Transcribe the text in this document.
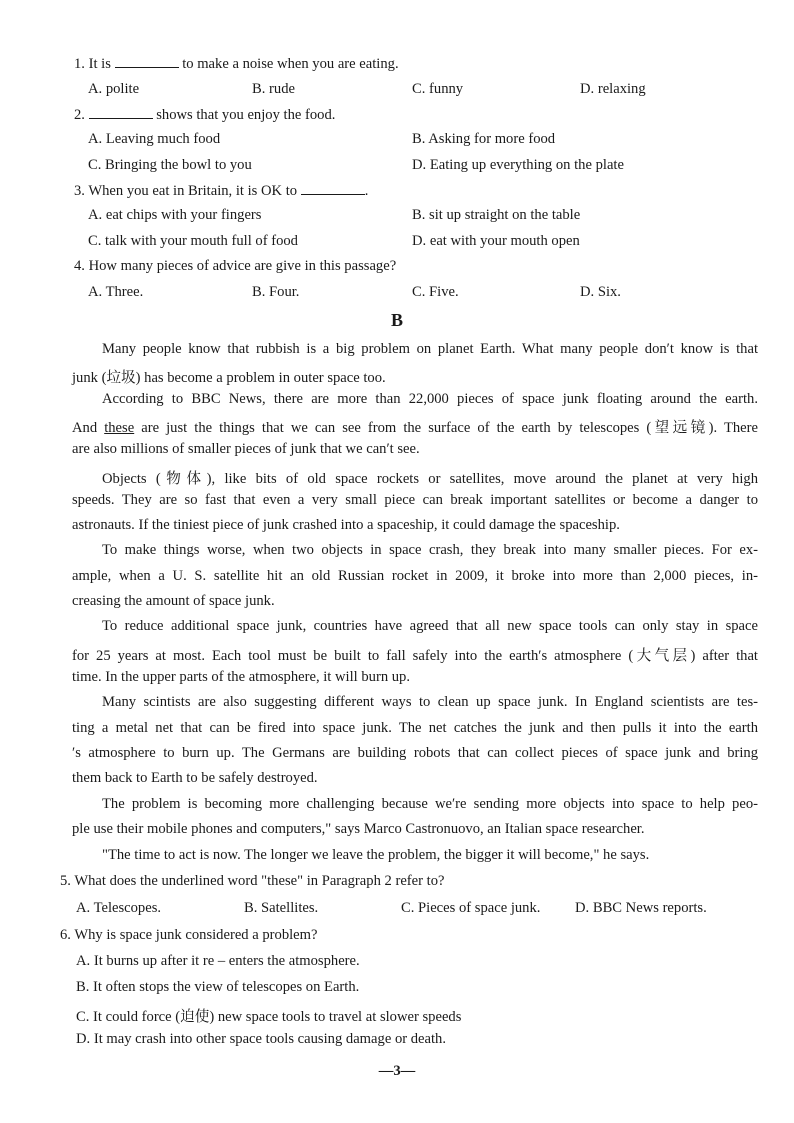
1. It is	to make a noise when you are eating.
A. polite	B. rude	C. funny	D. relaxing
2.	shows that you enjoy the food.
A. Leaving much food	B. Asking for more food
C. Bringing the bowl to you	D. Eating up everything on the plate
3. When you eat in Britain, it is OK to	.
A. eat chips with your fingers	B. sit up straight on the table
C. talk with your mouth full of food	D. eat with your mouth open
4. How many pieces of advice are give in this passage?
A. Three.	B. Four.	C. Five.	D. Six.
B
Many people know that rubbish is a big problem on planet Earth. What many people don′t know is that
junk (垃圾) has become a problem in outer space too.
According to BBC News, there are more than 22,000 pieces of space junk floating around the earth.
And these are just the things that we can see from the surface of the earth by telescopes (望远镜). There
are also millions of smaller pieces of junk that we can′t see.
Objects (物体), like bits of old space rockets or satellites, move around the planet at very high
speeds. They are so fast that even a very small piece can break important satellites or become a danger to
astronauts. If the tiniest piece of junk crashed into a spaceship, it could damage the spaceship.
To make things worse, when two objects in space crash, they break into many smaller pieces. For ex-
ample, when a U. S. satellite hit an old Russian rocket in 2009, it broke into more than 2,000 pieces, in-
creasing the amount of space junk.
To reduce additional space junk, countries have agreed that all new space tools can only stay in space
for 25 years at most. Each tool must be built to fall safely into the earth′s atmosphere (大气层) after that
time. In the upper parts of the atmosphere, it will burn up.
Many scintists are also suggesting different ways to clean up space junk. In England scientists are tes-
ting a metal net that can be fired into space junk. The net catches the junk and then pulls it into the earth
′s atmosphere to burn up. The Germans are building robots that can collect pieces of space junk and bring
them back to Earth to be safely destroyed.
The problem is becoming more challenging because we′re sending more objects into space to help peo-
ple use their mobile phones and computers," says Marco Castronuovo, an Italian space researcher.
"The time to act is now. The longer we leave the problem, the bigger it will become," he says.
5. What does the underlined word "these" in Paragraph 2 refer to?
A. Telescopes.	B. Satellites.	C. Pieces of space junk. D. BBC News reports.
6. Why is space junk considered a problem?
A. It burns up after it re – enters the atmosphere.
B. It often stops the view of telescopes on Earth.
C. It could force (迫使) new space tools to travel at slower speeds
D. It may crash into other space tools causing damage or death.
—3—
